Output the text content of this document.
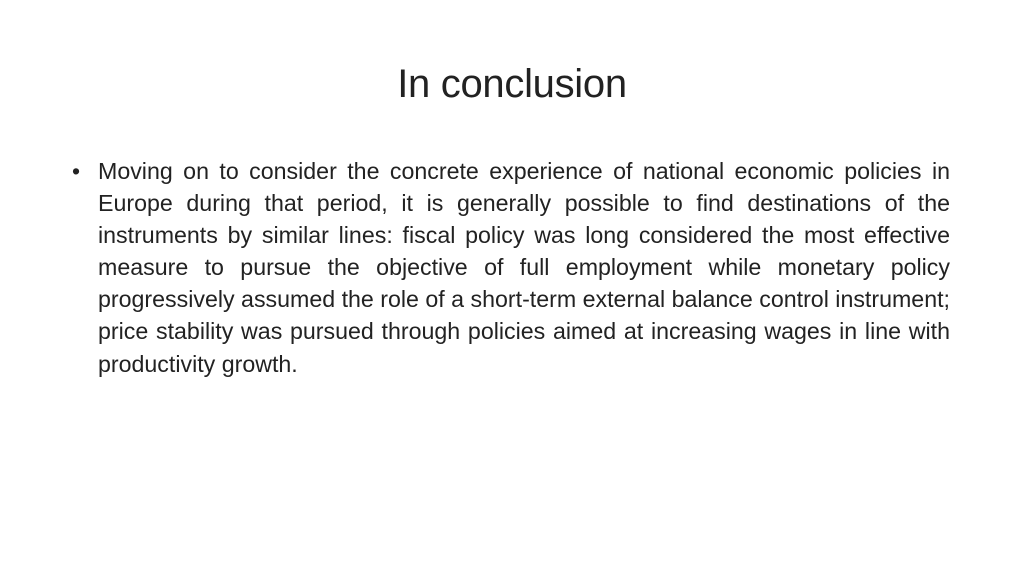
In conclusion
• Moving on to consider the concrete experience of national economic policies in Europe during that period, it is generally possible to find destinations of the instruments by similar lines: fiscal policy was long considered the most effective measure to pursue the objective of full employment while monetary policy progressively assumed the role of a short-term external balance control instrument; price stability was pursued through policies aimed at increasing wages in line with productivity growth.
